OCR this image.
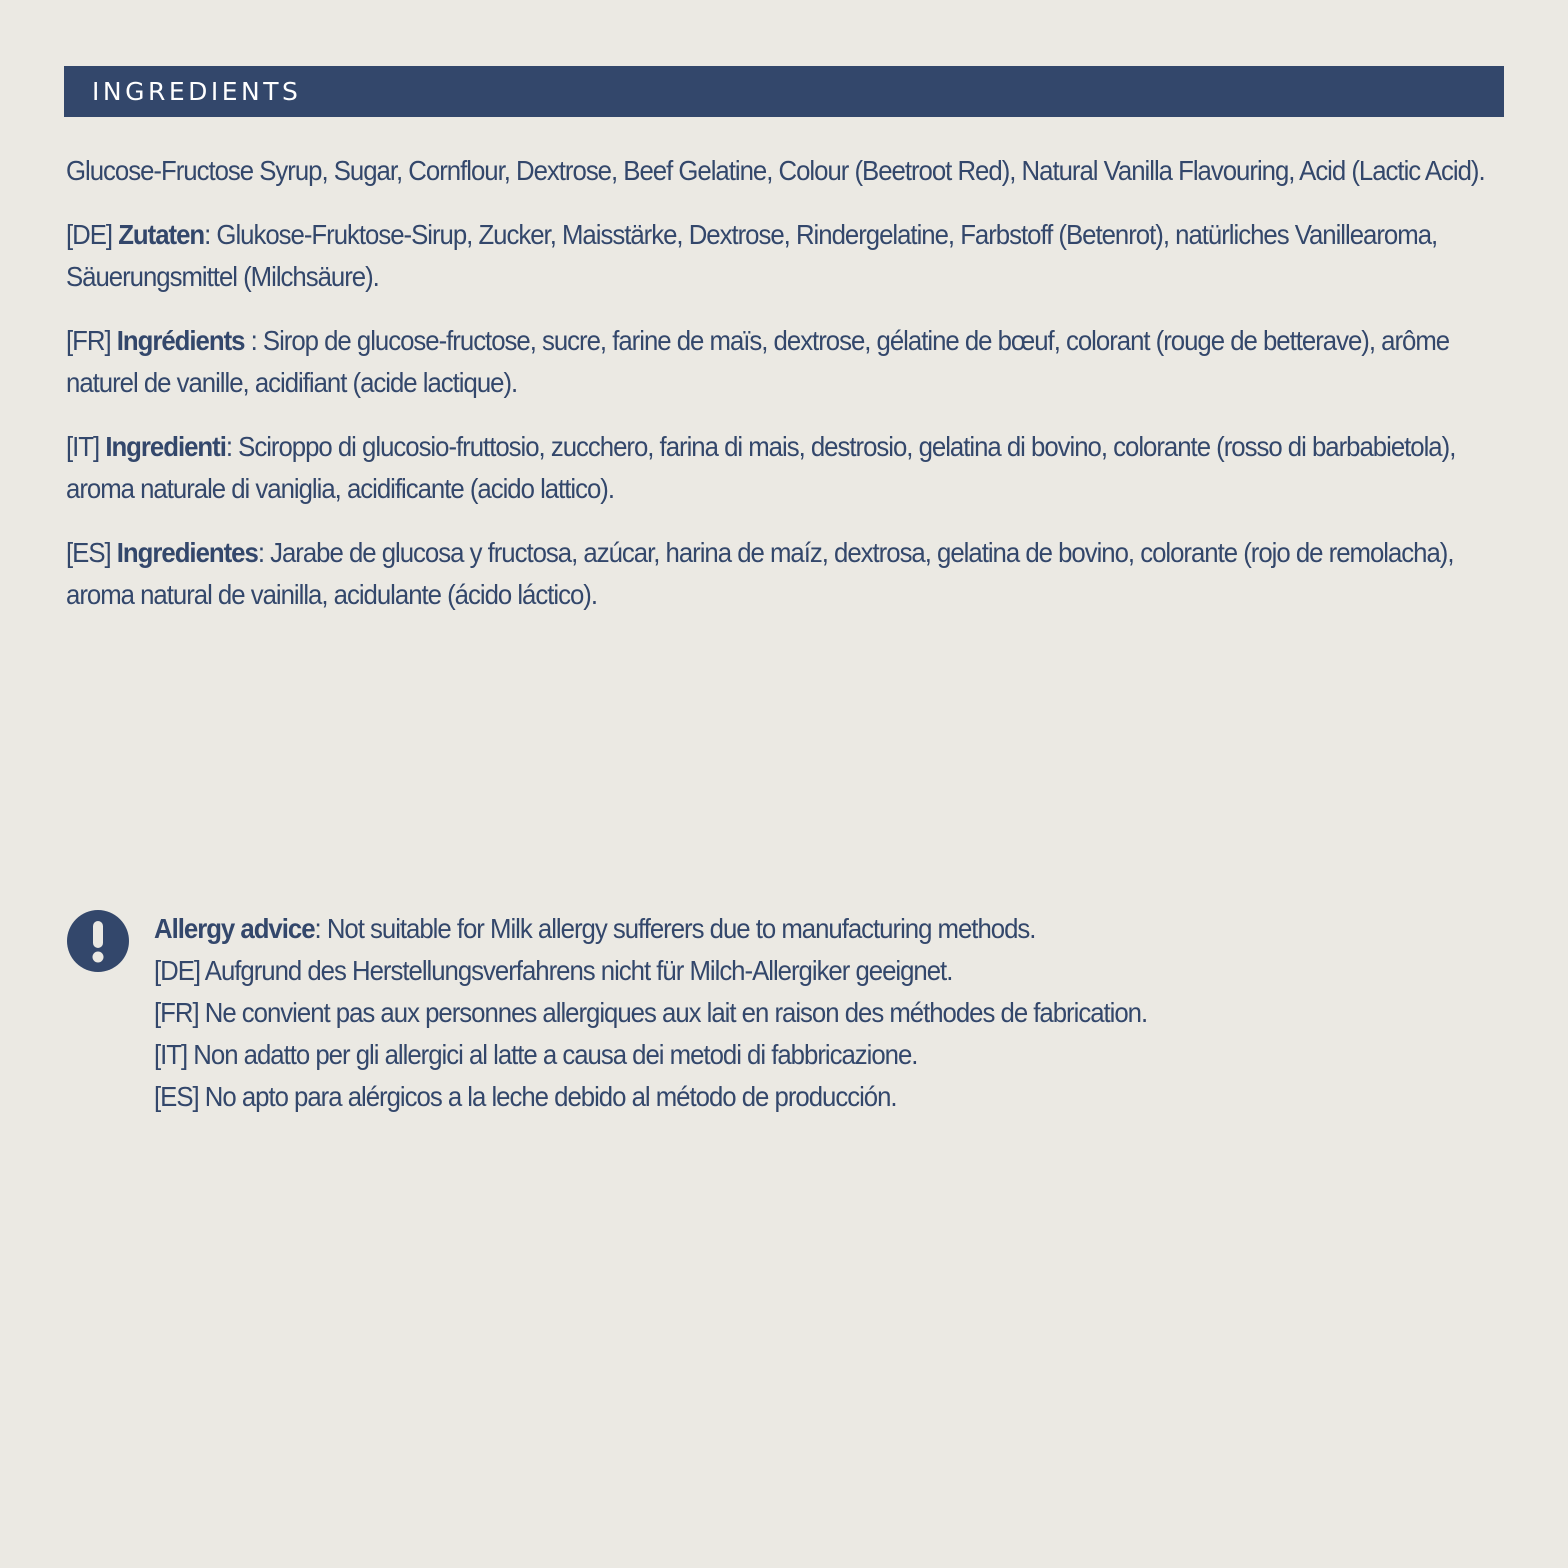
INGREDIENTS

Glucose-Fructose Syrup, Sugar, Cornflour, Dextrose, Beef Gelatine, Colour (Beetroot Red), Natural Vanilla Flavouring, Acid (Lactic Acid).

[DE] Zutaten: Glukose-Fruktose-Sirup, Zucker, Maisstärke, Dextrose, Rindergelatine, Farbstoff (Betenrot), natürliches Vanillearoma, Säuerungsmittel (Milchsäure).

[FR] Ingrédients : Sirop de glucose-fructose, sucre, farine de maïs, dextrose, gélatine de bœuf, colorant (rouge de betterave), arôme naturel de vanille, acidifiant (acide lactique).

[IT] Ingredienti: Sciroppo di glucosio-fruttosio, zucchero, farina di mais, destrosio, gelatina di bovino, colorante (rosso di barbabietola), aroma naturale di vaniglia, acidificante (acido lattico).

[ES] Ingredientes: Jarabe de glucosa y fructosa, azúcar, harina de maíz, dextrosa, gelatina de bovino, colorante (rojo de remolacha), aroma natural de vainilla, acidulante (ácido láctico).

Allergy advice: Not suitable for Milk allergy sufferers due to manufacturing methods.

[DE] Aufgrund des Herstellungsverfahrens nicht für Milch-Allergiker geeignet.

[FR] Ne convient pas aux personnes allergiques aux lait en raison des méthodes de fabrication.

[IT] Non adatto per gli allergici al latte a causa dei metodi di fabbricazione.

[ES] No apto para alérgicos a la leche debido al método de producción.
